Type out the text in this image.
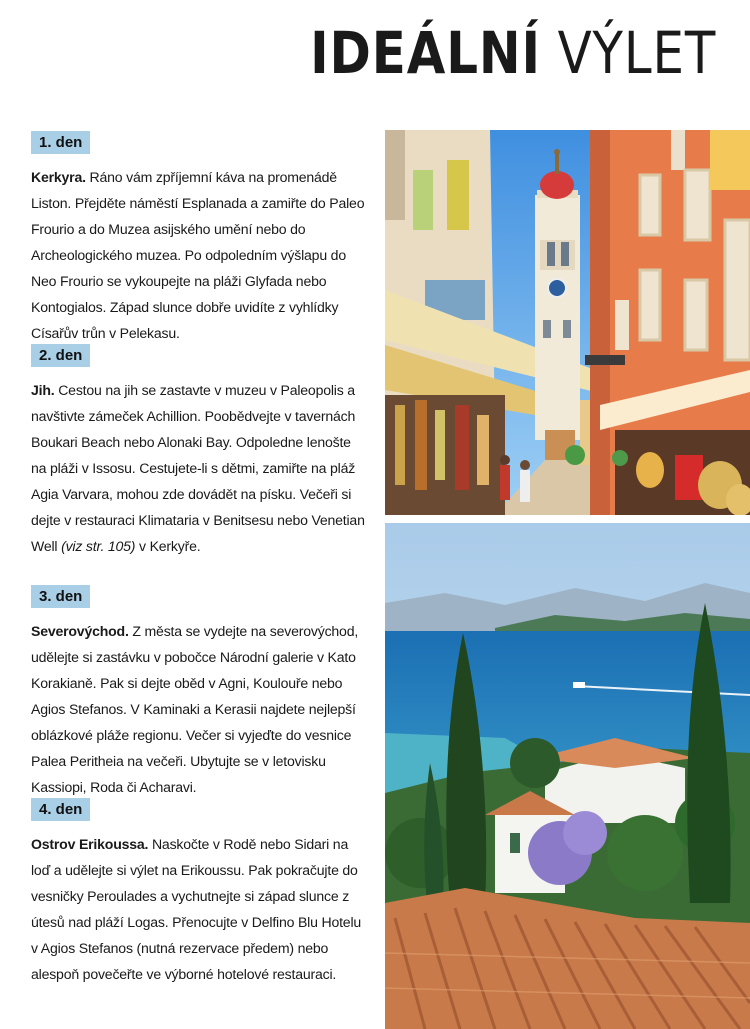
IDEÁLNÍ VÝLET
1. den
Kerkyra. Ráno vám zpříjemní káva na promenádě Liston. Přejděte náměstí Esplanada a zamiřte do Paleo Frourio a do Muzea asijského umění nebo do Archeologického muzea. Po odpoledním výšlapu do Neo Frourio se vykoupejte na pláži Glyfada nebo Kontogialos. Západ slunce dobře uvidíte z vyhlídky Císařův trůn v Pelekasu.
2. den
Jih. Cestou na jih se zastavte v muzeu v Paleopolis a navštivte zámeček Achillion. Poobědvejte v tavernách Boukari Beach nebo Alonaki Bay. Odpoledne lenošte na pláži v Issosu. Cestujete-li s dětmi, zamiřte na pláž Agia Varvara, mohou zde dovádět na písku. Večeři si dejte v restauraci Klimataria v Benitsesu nebo Venetian Well (viz str. 105) v Kerkyře.
3. den
Severovýchod. Z města se vydejte na severovýchod, udělejte si zastávku v pobočce Národní galerie v Kato Korakianě. Pak si dejte oběd v Agni, Koulouře nebo Agios Stefanos. V Kaminaki a Kerasii najdete nejlepší oblázkové pláže regionu. Večer si vyjeďte do vesnice Palea Peritheia na večeři. Ubytujte se v letovisku Kassiopi, Roda či Acharavi.
4. den
Ostrov Erikoussa. Naskočte v Rodě nebo Sidari na loď a udělejte si výlet na Erikoussu. Pak pokračujte do vesničky Peroulades a vychutnejte si západ slunce z útesů nad pláží Logas. Přenocujte v Delfino Blu Hotelu v Agios Stefanos (nutná rezervace předem) nebo alespoň povečeřte ve výborné hotelové restauraci.
